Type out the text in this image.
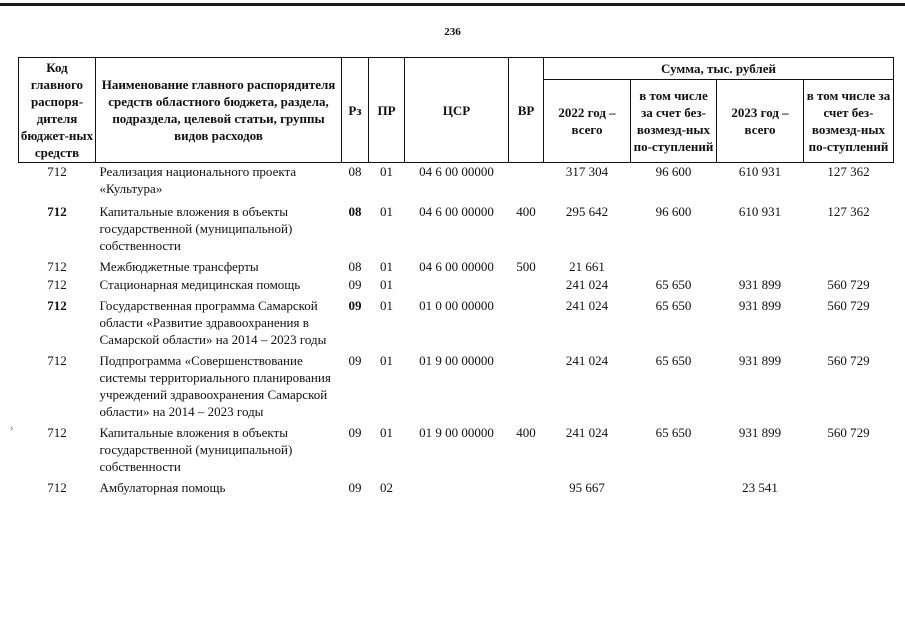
236
›
Код главного распоря-дителя бюджет-ных средств	Наименование главного распорядителя средств областного бюджета, раздела, подраздела, целевой статьи, группы видов расходов	Рз	ПР	ЦСР	ВР	Сумма, тыс. рублей			
						2022 год – всего	в том числе за счет без-возмезд-ных по-ступлений	2023 год – всего	в том числе за счет без-возмезд-ных по-ступлений
712	Реализация национального проекта «Культура»	08	01	04 6 00 00000		317 304	96 600	610 931	127 362
712	Капитальные вложения в объекты государственной (муниципальной) собственности	08	01	04 6 00 00000	400	295 642	96 600	610 931	127 362
712	Межбюджетные трансферты	08	01	04 6 00 00000	500	21 661			
712	Стационарная медицинская помощь	09	01			241 024	65 650	931 899	560 729
712	Государственная программа Самарской области «Развитие здравоохранения в Самарской области» на 2014 – 2023 годы	09	01	01 0 00 00000		241 024	65 650	931 899	560 729
712	Подпрограмма «Совершенствование системы территориального планирования учреждений здравоохранения Самарской области» на 2014 – 2023 годы	09	01	01 9 00 00000		241 024	65 650	931 899	560 729
712	Капитальные вложения в объекты государственной (муниципальной) собственности	09	01	01 9 00 00000	400	241 024	65 650	931 899	560 729
712	Амбулаторная помощь	09	02			95 667		23 541	
